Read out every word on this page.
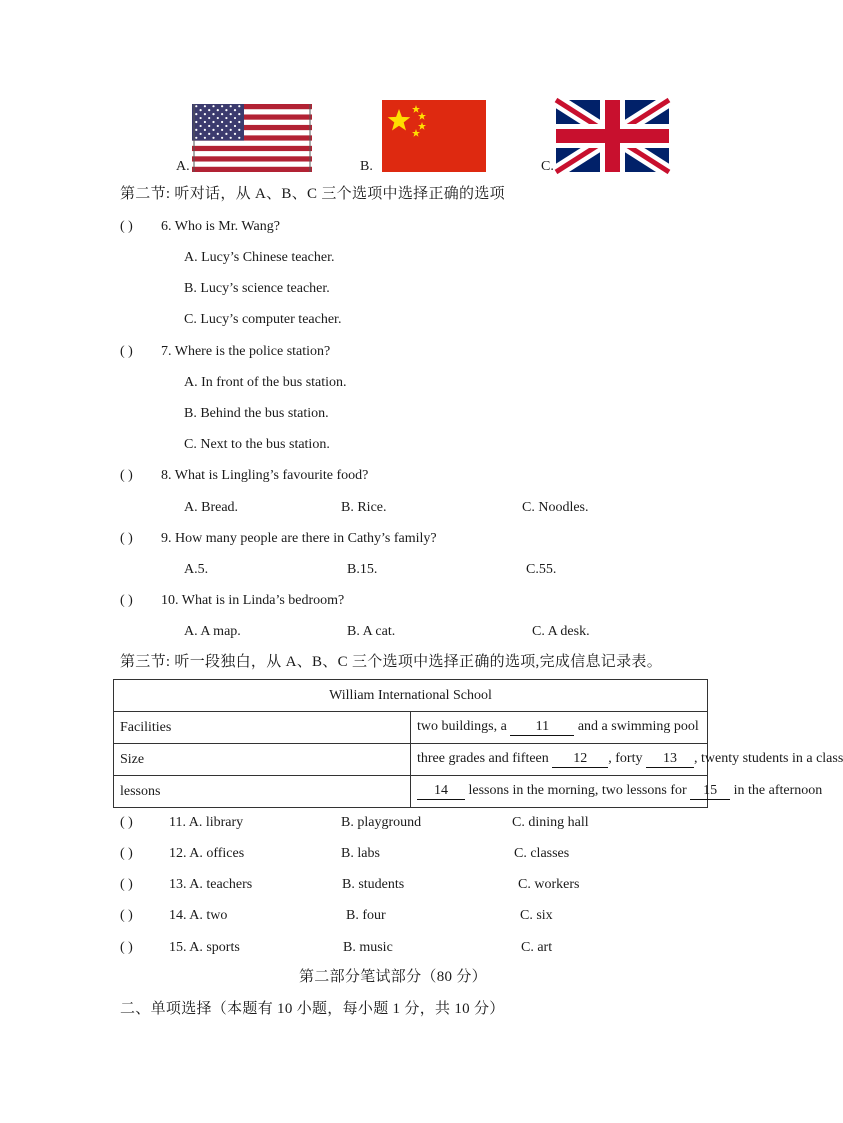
A.	B.	C.
第二节: 听对话，从 A、B、C 三个选项中选择正确的选项
( ) 6. Who is Mr. Wang?
A. Lucy’s Chinese teacher.
B. Lucy’s science teacher.
C. Lucy’s computer teacher.
( ) 7. Where is the police station?
A. In front of the bus station.
B. Behind the bus station.
C. Next to the bus station.
( ) 8. What is Lingling’s favourite food?
A. Bread.	B. Rice.	C. Noodles.
( ) 9. How many people are there in Cathy’s family?
A.5.	B.15.	C.55.
( ) 10. What is in Linda’s bedroom?
A. A map.	B. A cat.	C. A desk.
第三节: 听一段独白，从 A、B、C 三个选项中选择正确的选项,完成信息记录表。
William International School	
Facilities	two buildings, a 11 and a swimming pool
Size	three grades and fifteen 12 , forty 13 , twenty students in a class
lessons	14 lessons in the morning, two lessons for 15 in the afternoon
( )	11. A. library	B. playground	C. dining hall
( )	12. A. offices	B. labs	C. classes
( )	13. A. teachers	B. students	C. workers
( )	14. A. two	B. four	C. six
( )	15. A. sports	B. music	C. art
第二部分笔试部分（80 分）
二、单项选择（本题有 10 小题，每小题 1 分，共 10 分）
